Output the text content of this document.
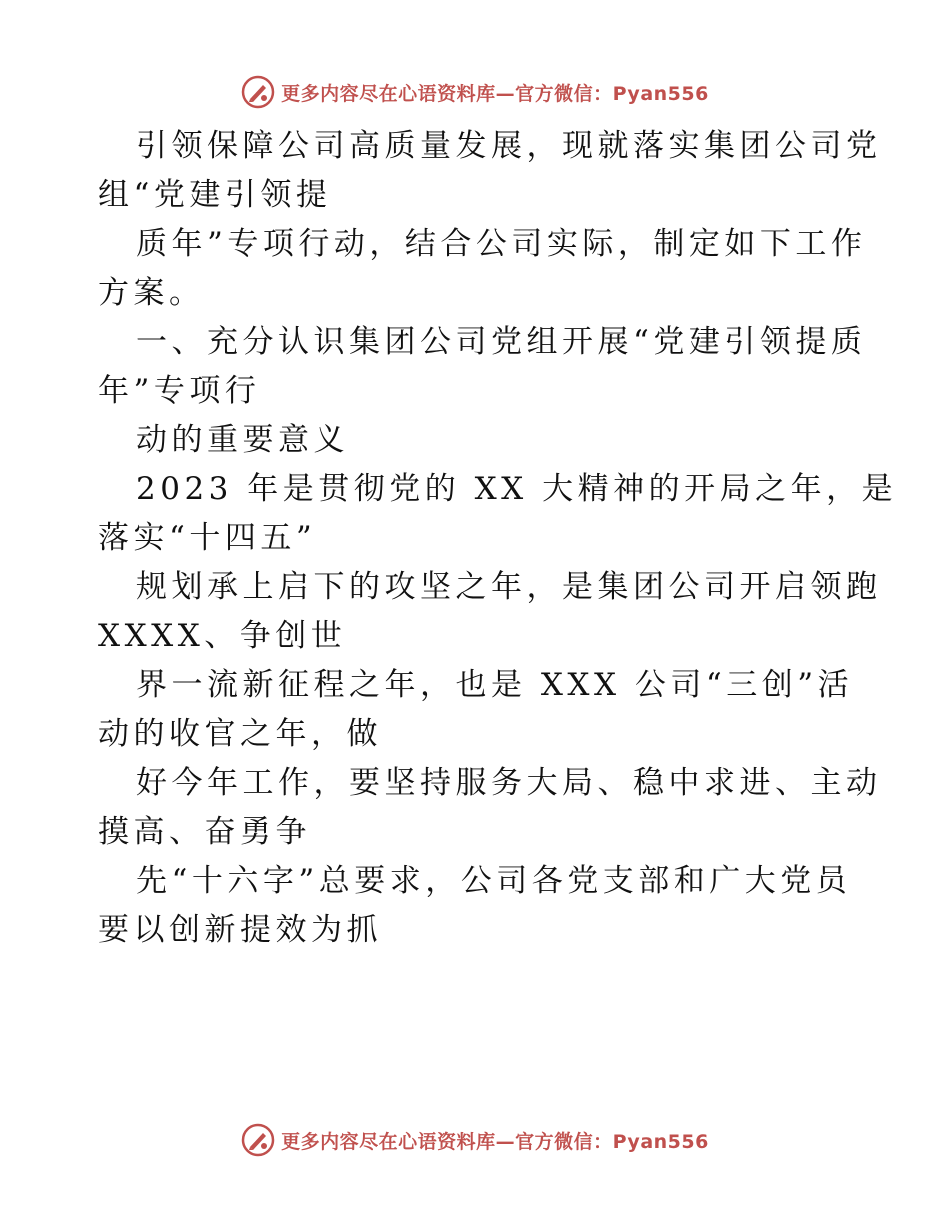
更多内容尽在心语资料库—官方微信：Pyan556

引领保障公司高质量发展，现就落实集团公司党
组“党建引领提

质年”专项行动，结合公司实际，制定如下工作
方案。

一、充分认识集团公司党组开展“党建引领提质
年”专项行

动的重要意义

2023 年是贯彻党的 XX 大精神的开局之年，是
落实“十四五”

规划承上启下的攻坚之年，是集团公司开启领跑
XXXX、争创世

界一流新征程之年，也是 XXX 公司“三创”活
动的收官之年，做

好今年工作，要坚持服务大局、稳中求进、主动
摸高、奋勇争

先“十六字”总要求，公司各党支部和广大党员
要以创新提效为抓

更多内容尽在心语资料库—官方微信：Pyan556
